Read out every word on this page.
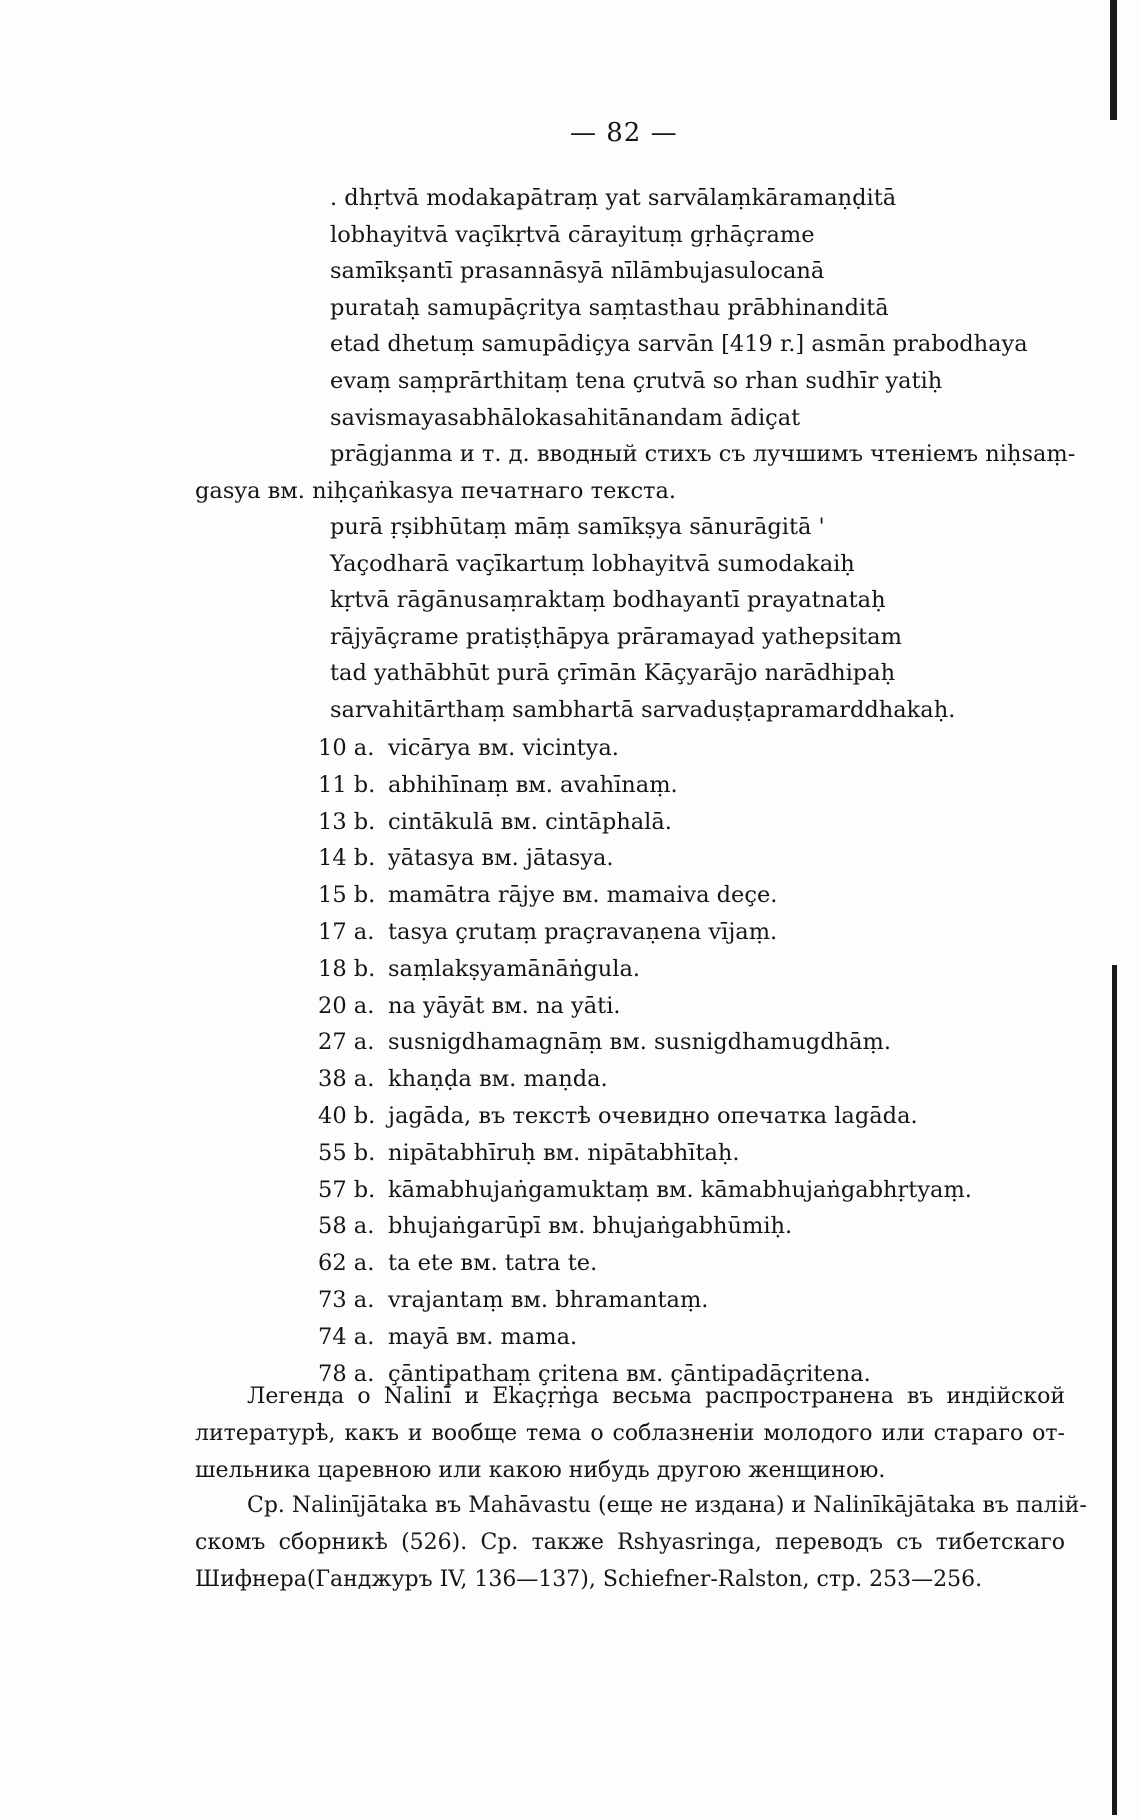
— 82 —
. dhṛtvā modakapātraṃ yat sarvālaṃkāramaṇḍitā
lobhayitvā vaçīkṛtvā cārayituṃ gṛhāçrame
samīkṣantī prasannāsyā nīlāmbujasulocanā
purataḥ samupāçritya saṃtasthau prābhinanditā
etad dhetuṃ samupādiçya sarvān [419 r.] asmān prabodhaya
evaṃ saṃprārthitaṃ tena çrutvā so rhan sudhīr yatiḥ
savismayasabhālokasahitānandam ādiçat
prāgjanma и т. д. вводный стихъ съ лучшимъ чтеніемъ niḥsaṃ-
gasya вм. niḥçaṅkasya печатнаго текста.
purā ṛṣibhūtaṃ māṃ samīkṣya sānurāgitā '
Yaçodharā vaçīkartuṃ lobhayitvā sumodakaiḥ
kṛtvā rāgānusaṃraktaṃ bodhayantī prayatnataḥ
rājyāçrame pratiṣṭhāpya prāramayad yathepsitam
tad yathābhūt purā çrīmān Kāçyarājo narādhipaḥ
sarvahitārthaṃ sambhartā sarvaduṣṭapramarddhakaḥ.
10 a. vicārya вм. vicintya.
11 b. abhihīnaṃ вм. avahīnaṃ.
13 b. cintākulā вм. cintāphalā.
14 b. yātasya вм. jātasya.
15 b. mamātra rājye вм. mamaiva deçe.
17 a. tasya çrutaṃ praçravaṇena vījaṃ.
18 b. saṃlakṣyamānāṅgula.
20 a. na yāyāt вм. na yāti.
27 a. susnigdhamagnāṃ вм. susnigdhamugdhāṃ.
38 a. khaṇḍa вм. maṇda.
40 b. jagāda, въ текстѣ очевидно опечатка lagāda.
55 b. nipātabhīruḥ вм. nipātabhītaḥ.
57 b. kāmabhujaṅgamuktaṃ вм. kāmabhujaṅgabhṛtyaṃ.
58 a. bhujaṅgarūpī вм. bhujaṅgabhūmiḥ.
62 a. ta ete вм. tatra te.
73 a. vrajantaṃ вм. bhramantaṃ.
74 a. mayā вм. mama.
78 a. çāntipathaṃ çritena вм. çāntipadāçritena.
Легенда о Nalinī и Ekaçṛṅga весьма распространена въ индійской
литературѣ, какъ и вообще тема о соблазненіи молодого или стараго от-
шельника царевною или какою нибудь другою женщиною.
Ср. Nalinījātaka въ Mahāvastu (еще не издана) и Nalinīkājātaka въ палій-
скомъ сборникѣ (526). Ср. также Rshyasringa, переводъ съ тибетскаго
Шифнера(Ганджуръ IV, 136—137), Schiefner-Ralston, стр. 253—256.
